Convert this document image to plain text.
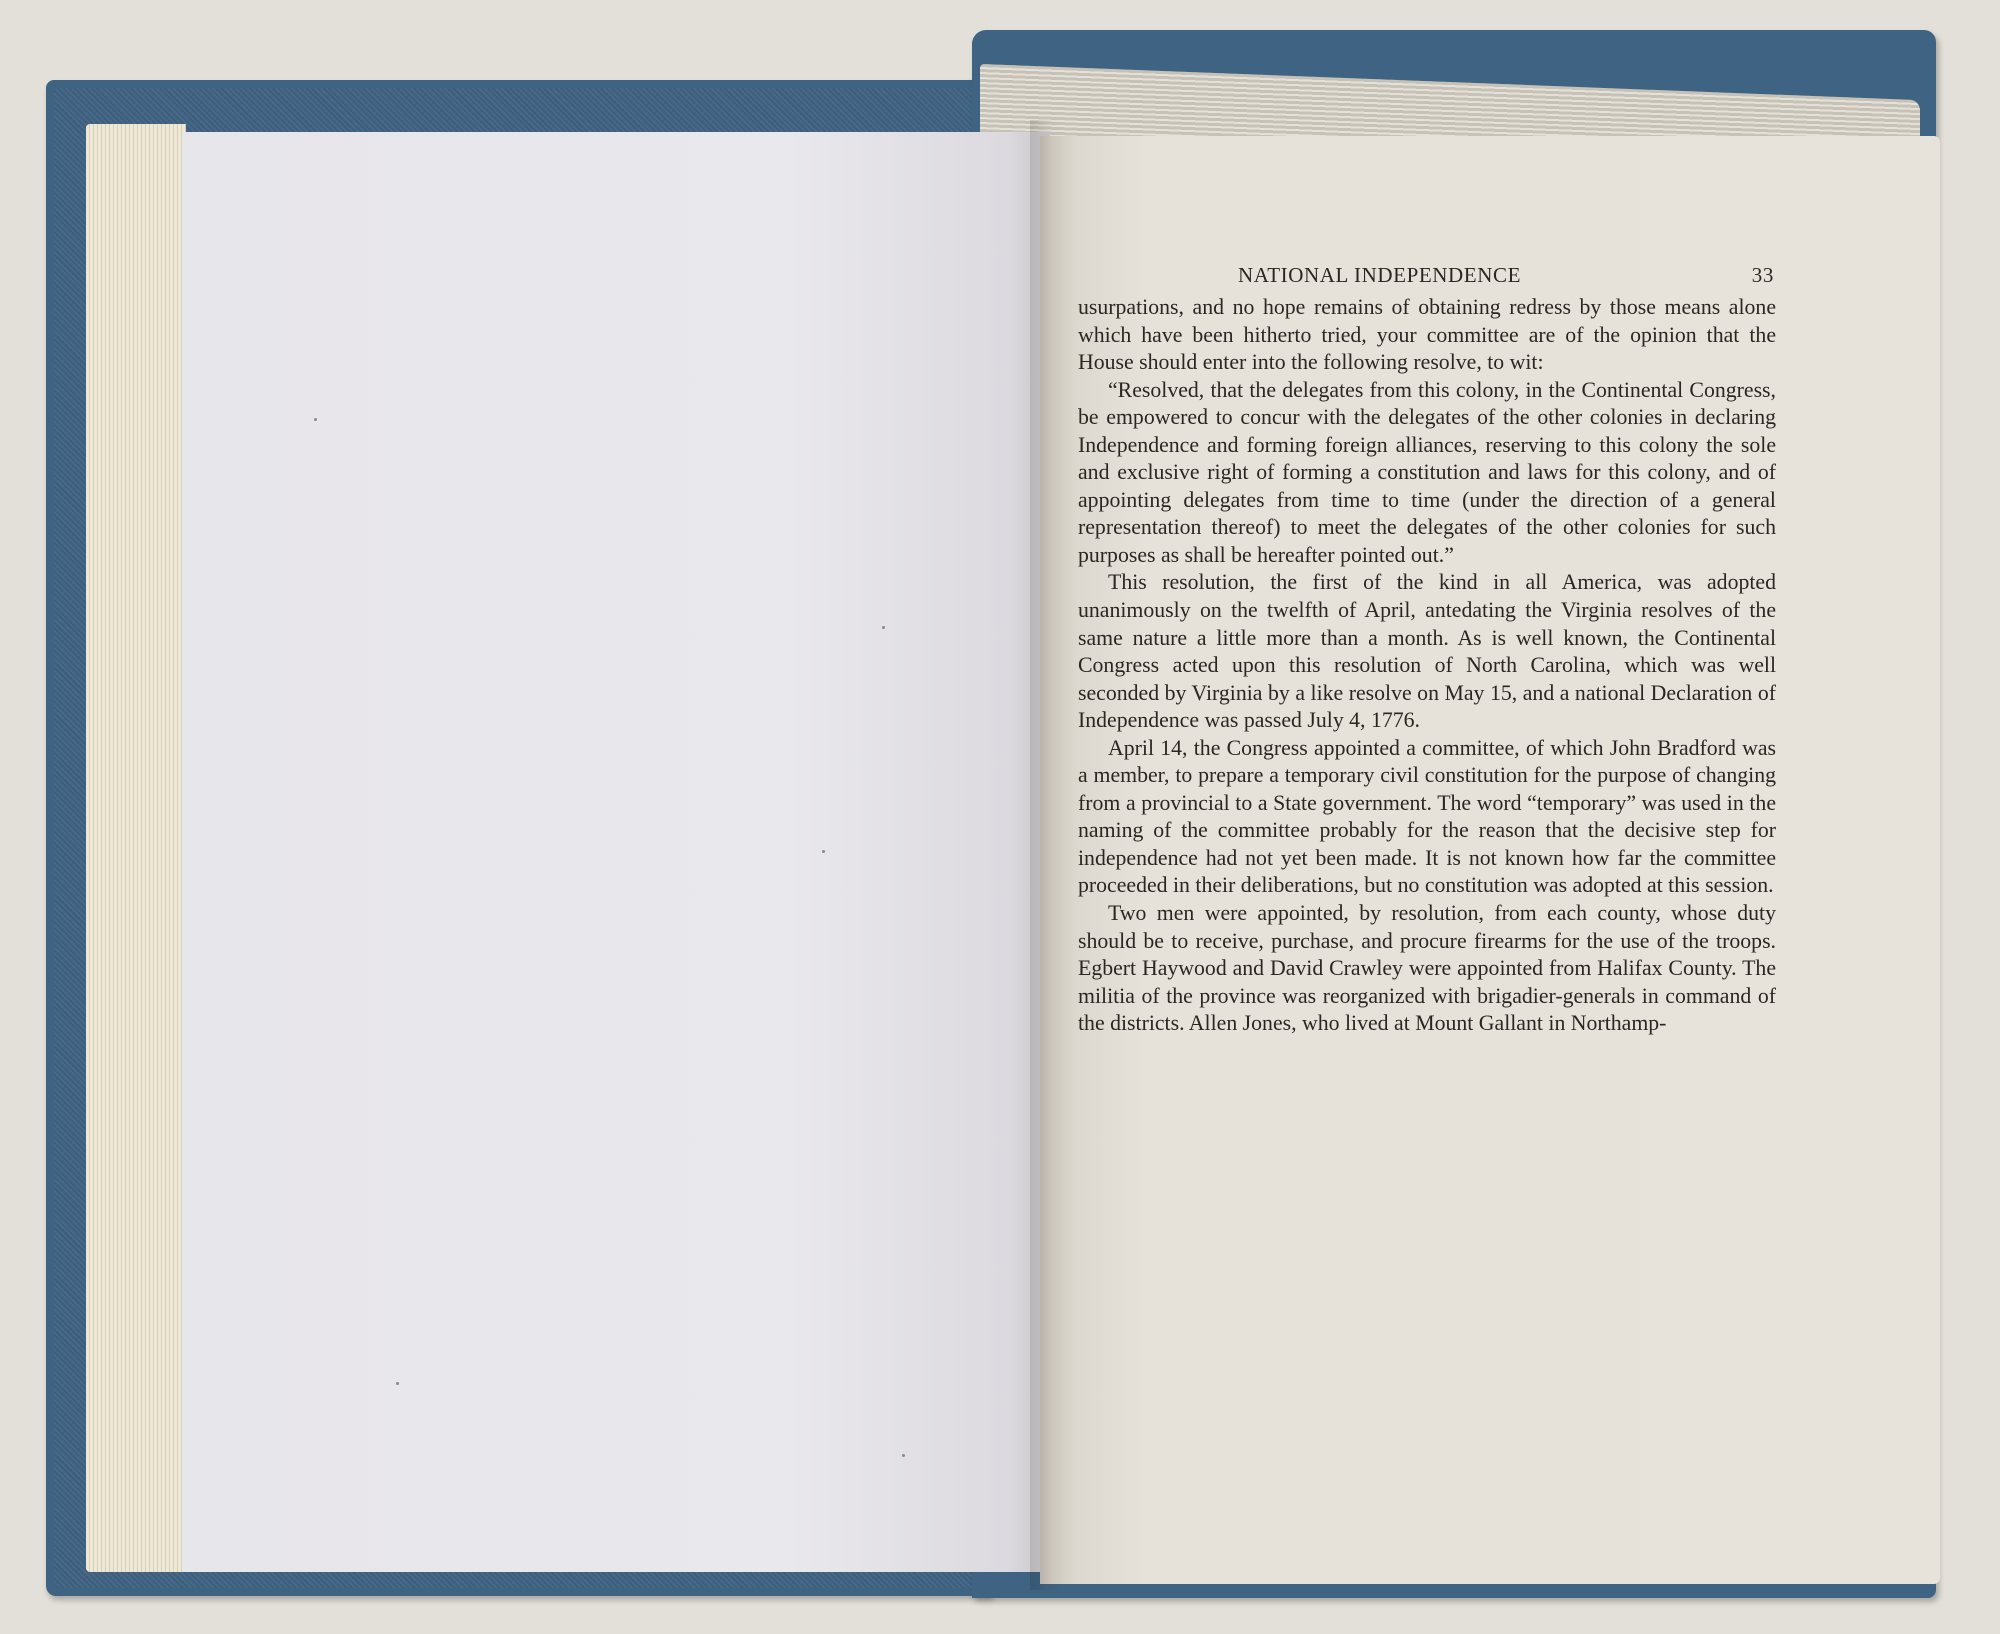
NATIONAL INDEPENDENCE	33

usurpations, and no hope remains of obtaining redress by those means alone which have been hitherto tried, your committee are of the opinion that the House should enter into the following resolve, to wit:

“Resolved, that the delegates from this colony, in the Continental Congress, be empowered to concur with the delegates of the other colonies in declaring Independence and forming foreign alliances, reserving to this colony the sole and exclusive right of forming a constitution and laws for this colony, and of appointing delegates from time to time (under the direction of a general representation thereof) to meet the delegates of the other colonies for such purposes as shall be hereafter pointed out.”

This resolution, the first of the kind in all America, was adopted unanimously on the twelfth of April, antedating the Virginia resolves of the same nature a little more than a month. As is well known, the Continental Congress acted upon this resolution of North Carolina, which was well seconded by Virginia by a like resolve on May 15, and a national Declaration of Independence was passed July 4, 1776.

April 14, the Congress appointed a committee, of which John Bradford was a member, to prepare a temporary civil constitution for the purpose of changing from a provincial to a State government. The word “temporary” was used in the naming of the committee probably for the reason that the decisive step for independence had not yet been made. It is not known how far the committee proceeded in their deliberations, but no constitution was adopted at this session.

Two men were appointed, by resolution, from each county, whose duty should be to receive, purchase, and procure firearms for the use of the troops. Egbert Haywood and David Crawley were appointed from Halifax County. The militia of the province was reorganized with brigadier-generals in command of the districts. Allen Jones, who lived at Mount Gallant in Northamp-
